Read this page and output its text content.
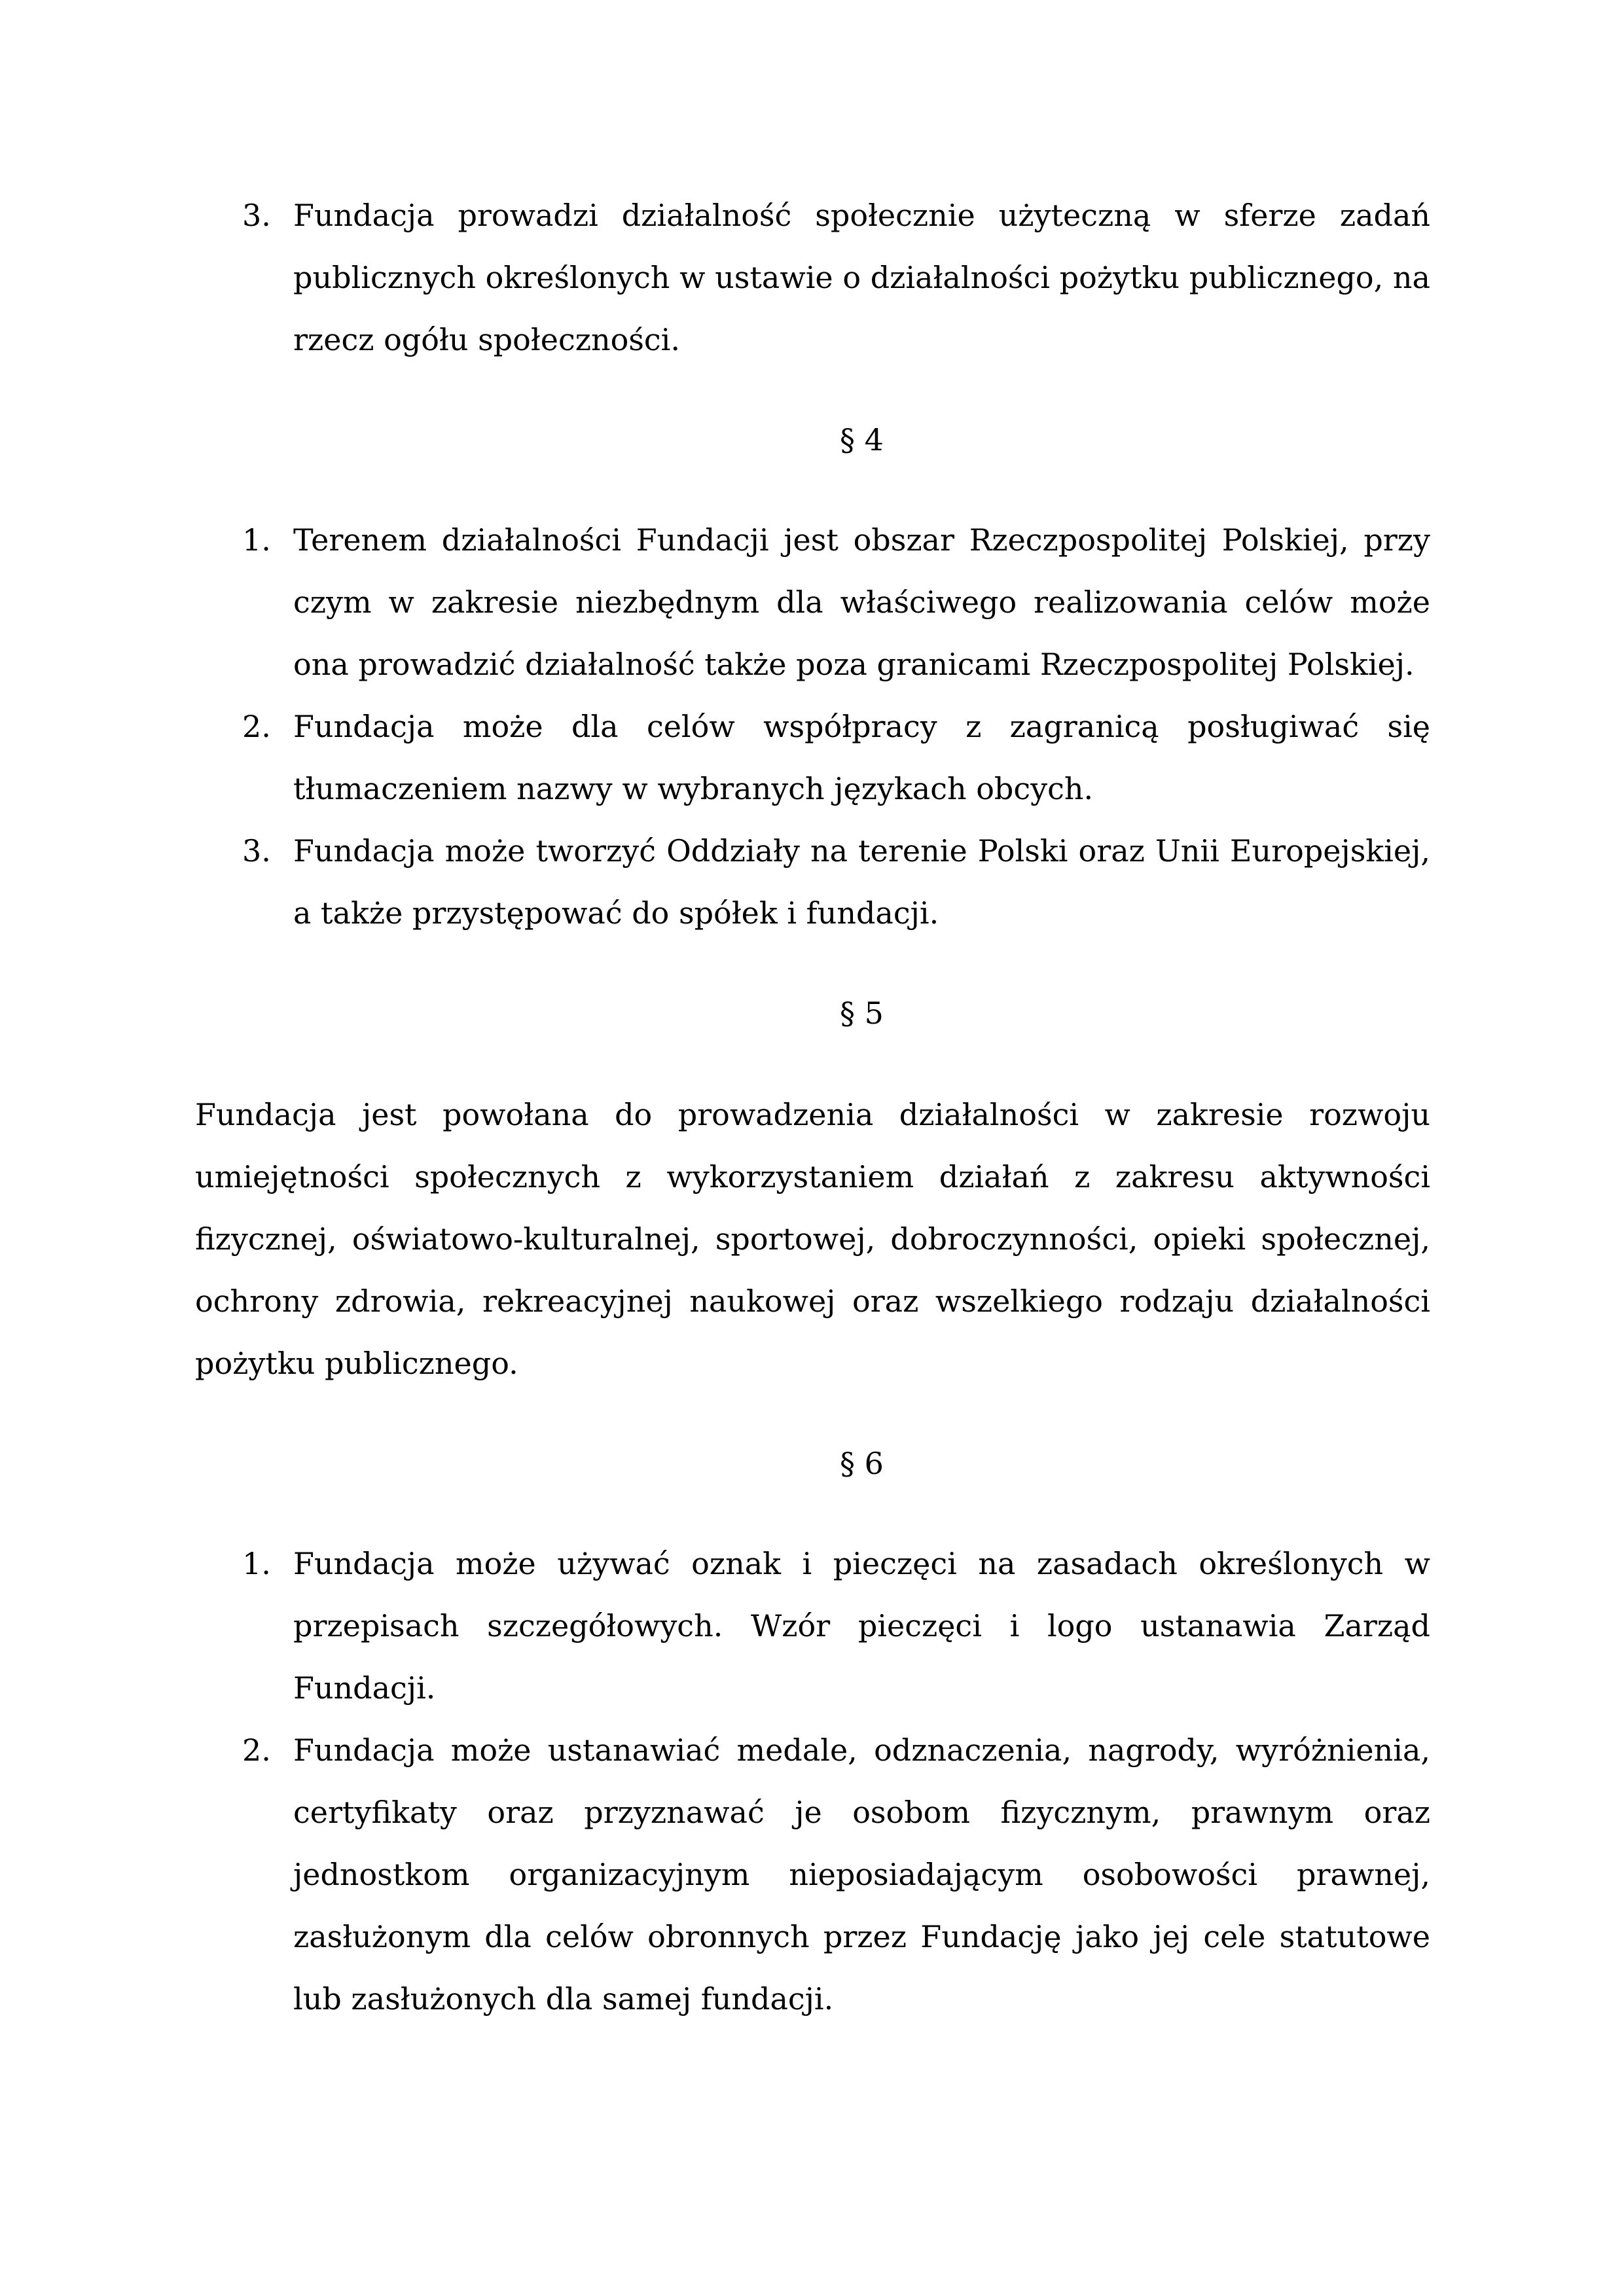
3. Fundacja prowadzi działalność społecznie użyteczną w sferze zadań publicznych określonych w ustawie o działalności pożytku publicznego, na rzecz ogółu społeczności.
§ 4
1. Terenem działalności Fundacji jest obszar Rzeczpospolitej Polskiej, przy czym w zakresie niezbędnym dla właściwego realizowania celów może ona prowadzić działalność także poza granicami Rzeczpospolitej Polskiej.
2. Fundacja może dla celów współpracy z zagranicą posługiwać się tłumaczeniem nazwy w wybranych językach obcych.
3. Fundacja może tworzyć Oddziały na terenie Polski oraz Unii Europejskiej, a także przystępować do spółek i fundacji.
§ 5
Fundacja jest powołana do prowadzenia działalności w zakresie rozwoju umiejętności społecznych z wykorzystaniem działań z zakresu aktywności fizycznej, oświatowo-kulturalnej, sportowej, dobroczynności, opieki społecznej, ochrony zdrowia, rekreacyjnej naukowej oraz wszelkiego rodzaju działalności pożytku publicznego.
§ 6
1. Fundacja może używać oznak i pieczęci na zasadach określonych w przepisach szczegółowych. Wzór pieczęci i logo ustanawia Zarząd Fundacji.
2. Fundacja może ustanawiać medale, odznaczenia, nagrody, wyróżnienia, certyfikaty oraz przyznawać je osobom fizycznym, prawnym oraz jednostkom organizacyjnym nieposiadającym osobowości prawnej, zasłużonym dla celów obronnych przez Fundację jako jej cele statutowe lub zasłużonych dla samej fundacji.
